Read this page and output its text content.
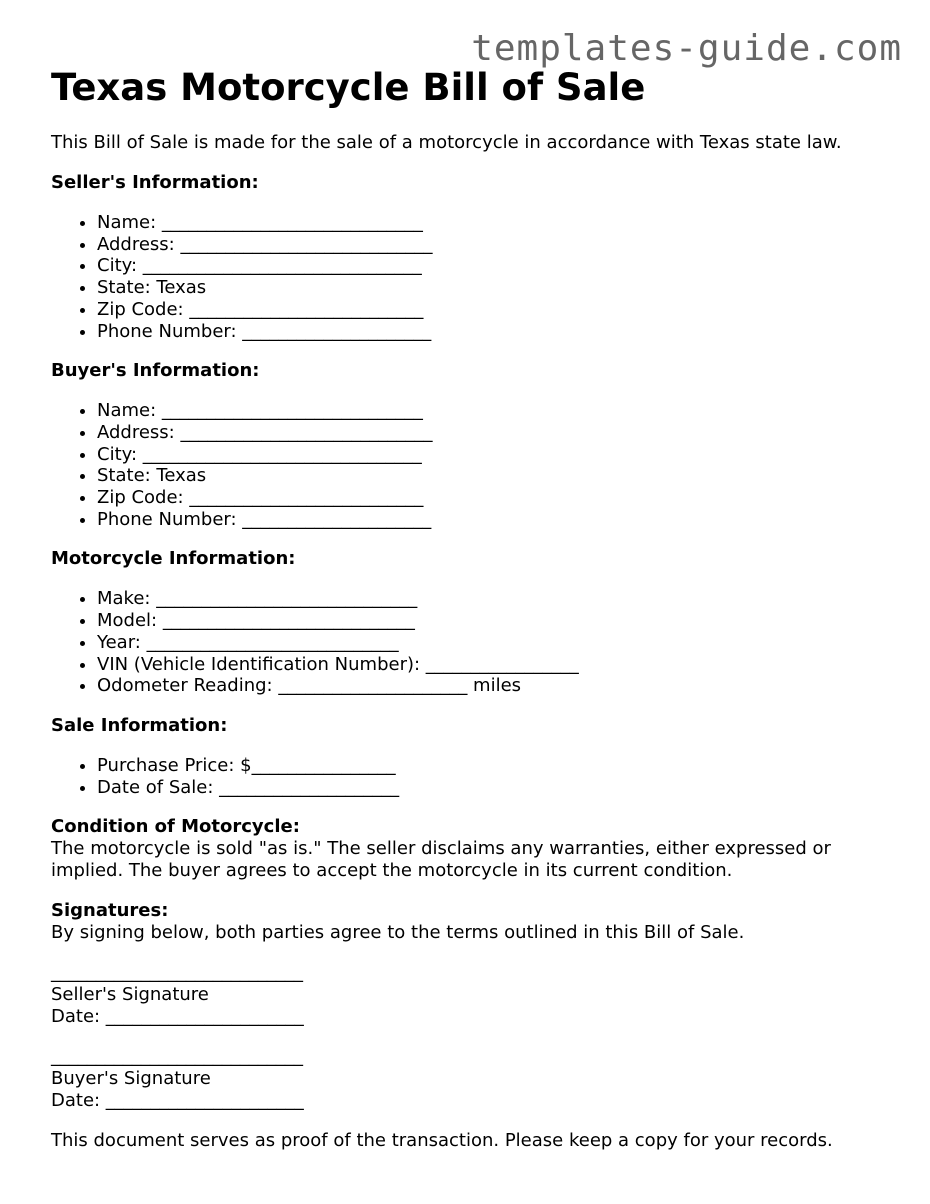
templates-guide.com
Texas Motorcycle Bill of Sale

This Bill of Sale is made for the sale of a motorcycle in accordance with Texas state law.

Seller's Information:
• Name: _____________________________
• Address: ____________________________
• City: _______________________________
• State: Texas
• Zip Code: __________________________
• Phone Number: _____________________
Buyer's Information:
• Name: _____________________________
• Address: ____________________________
• City: _______________________________
• State: Texas
• Zip Code: __________________________
• Phone Number: _____________________
Motorcycle Information:
• Make: _____________________________
• Model: ____________________________
• Year: ____________________________
• VIN (Vehicle Identification Number): _________________
• Odometer Reading: _____________________ miles
Sale Information:
• Purchase Price: $________________
• Date of Sale: ____________________
Condition of Motorcycle:

The motorcycle is sold "as is." The seller disclaims any warranties, either expressed or implied. The buyer agrees to accept the motorcycle in its current condition.

Signatures:

By signing below, both parties agree to the terms outlined in this Bill of Sale.

____________________________
Seller's Signature
Date: ______________________
____________________________
Buyer's Signature
Date: ______________________

This document serves as proof of the transaction. Please keep a copy for your records.
